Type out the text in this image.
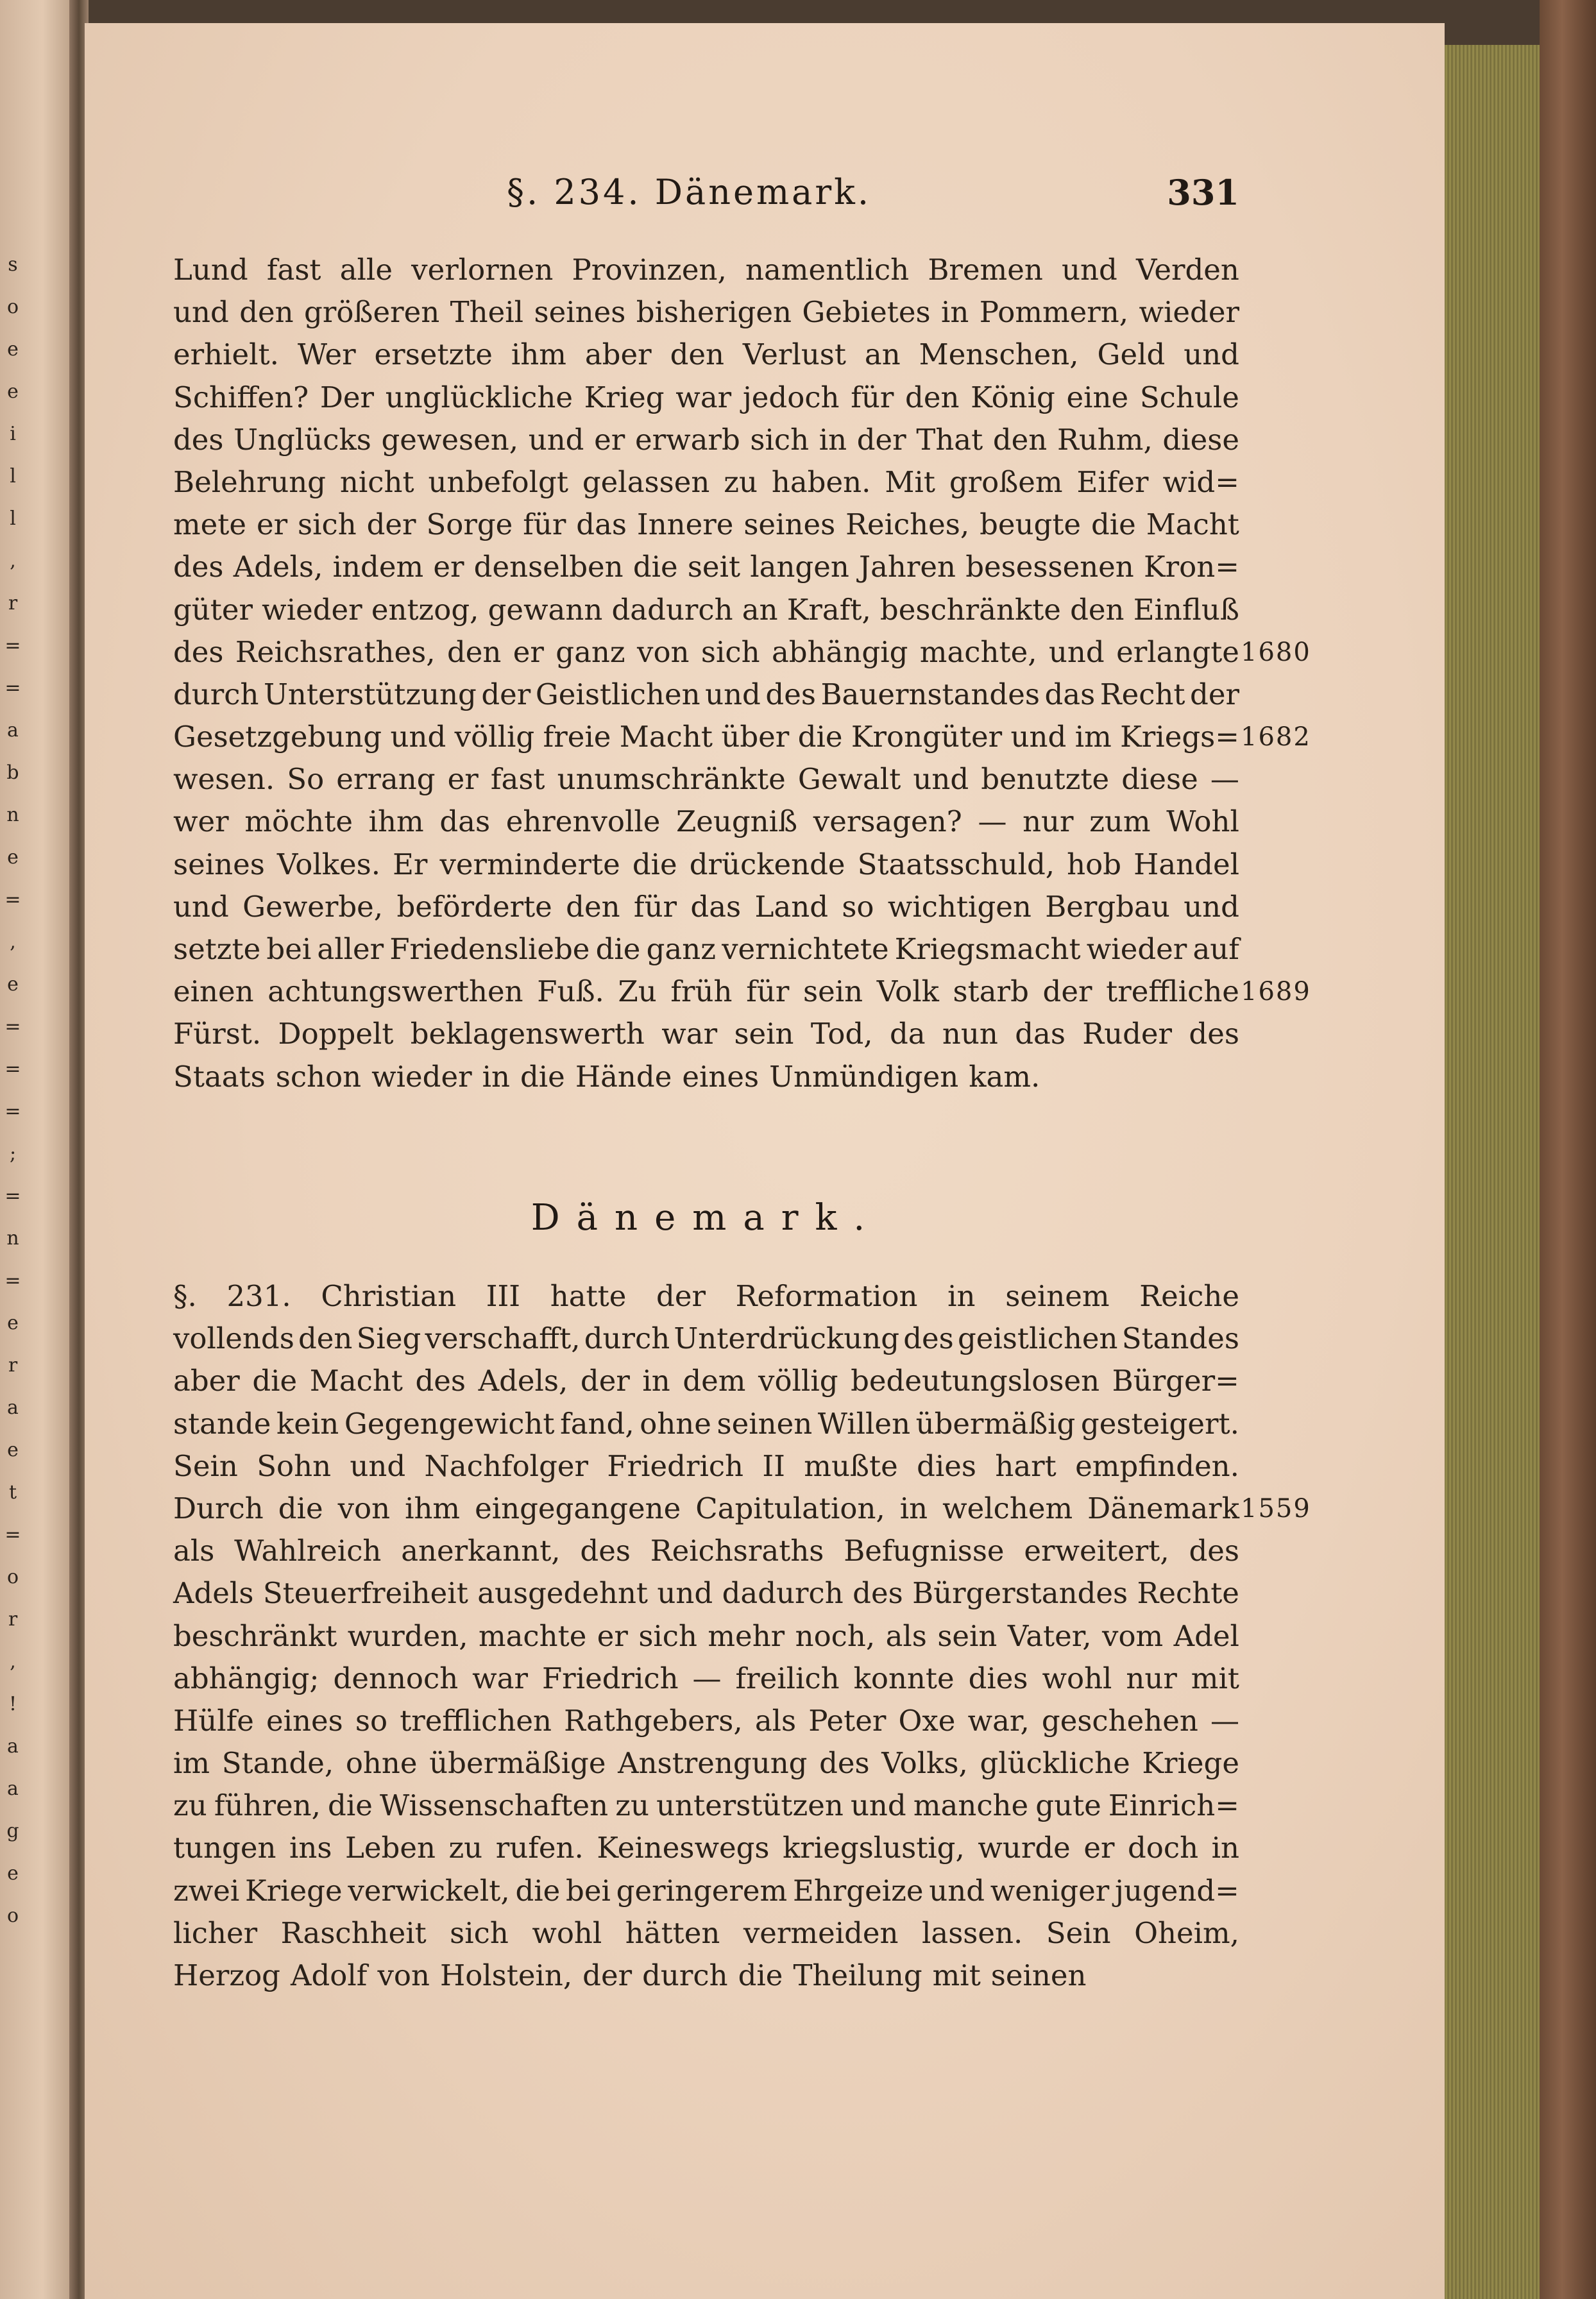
s
o
e
e
i
l
l
,
r
=
=
a
b
n
e
=
,
e
=
=
=
;
=
n
=
e
r
a
e
t
=
o
r
,
!
a
a
g
e
o
§. 234. Dänemark.	331
Lund fast alle verlornen Provinzen, namentlich Bremen und Verden
und den größeren Theil seines bisherigen Gebietes in Pommern, wieder
erhielt. Wer ersetzte ihm aber den Verlust an Menschen, Geld und
Schiffen? Der unglückliche Krieg war jedoch für den König eine Schule
des Unglücks gewesen, und er erwarb sich in der That den Ruhm, diese
Belehrung nicht unbefolgt gelassen zu haben. Mit großem Eifer wid=
mete er sich der Sorge für das Innere seines Reiches, beugte die Macht
des Adels, indem er denselben die seit langen Jahren besessenen Kron=
güter wieder entzog, gewann dadurch an Kraft, beschränkte den Einfluß
des Reichsrathes, den er ganz von sich abhängig machte, und erlangte 1680
durch Unterstützung der Geistlichen und des Bauernstandes das Recht der
Gesetzgebung und völlig freie Macht über die Krongüter und im Kriegs= 1682
wesen. So errang er fast unumschränkte Gewalt und benutzte diese —
wer möchte ihm das ehrenvolle Zeugniß versagen? — nur zum Wohl
seines Volkes. Er verminderte die drückende Staatsschuld, hob Handel
und Gewerbe, beförderte den für das Land so wichtigen Bergbau und
setzte bei aller Friedensliebe die ganz vernichtete Kriegsmacht wieder auf
einen achtungswerthen Fuß. Zu früh für sein Volk starb der treffliche 1689
Fürst. Doppelt beklagenswerth war sein Tod, da nun das Ruder des
Staats schon wieder in die Hände eines Unmündigen kam.
Dänemark.
§. 231. Christian III hatte der Reformation in seinem Reiche
vollends den Sieg verschafft, durch Unterdrückung des geistlichen Standes
aber die Macht des Adels, der in dem völlig bedeutungslosen Bürger=
stande kein Gegengewicht fand, ohne seinen Willen übermäßig gesteigert.
Sein Sohn und Nachfolger Friedrich II mußte dies hart empfinden.
Durch die von ihm eingegangene Capitulation, in welchem Dänemark 1559
als Wahlreich anerkannt, des Reichsraths Befugnisse erweitert, des
Adels Steuerfreiheit ausgedehnt und dadurch des Bürgerstandes Rechte
beschränkt wurden, machte er sich mehr noch, als sein Vater, vom Adel
abhängig; dennoch war Friedrich — freilich konnte dies wohl nur mit
Hülfe eines so trefflichen Rathgebers, als Peter Oxe war, geschehen —
im Stande, ohne übermäßige Anstrengung des Volks, glückliche Kriege
zu führen, die Wissenschaften zu unterstützen und manche gute Einrich=
tungen ins Leben zu rufen. Keineswegs kriegslustig, wurde er doch in
zwei Kriege verwickelt, die bei geringerem Ehrgeize und weniger jugend=
licher Raschheit sich wohl hätten vermeiden lassen. Sein Oheim,
Herzog Adolf von Holstein, der durch die Theilung mit seinen
